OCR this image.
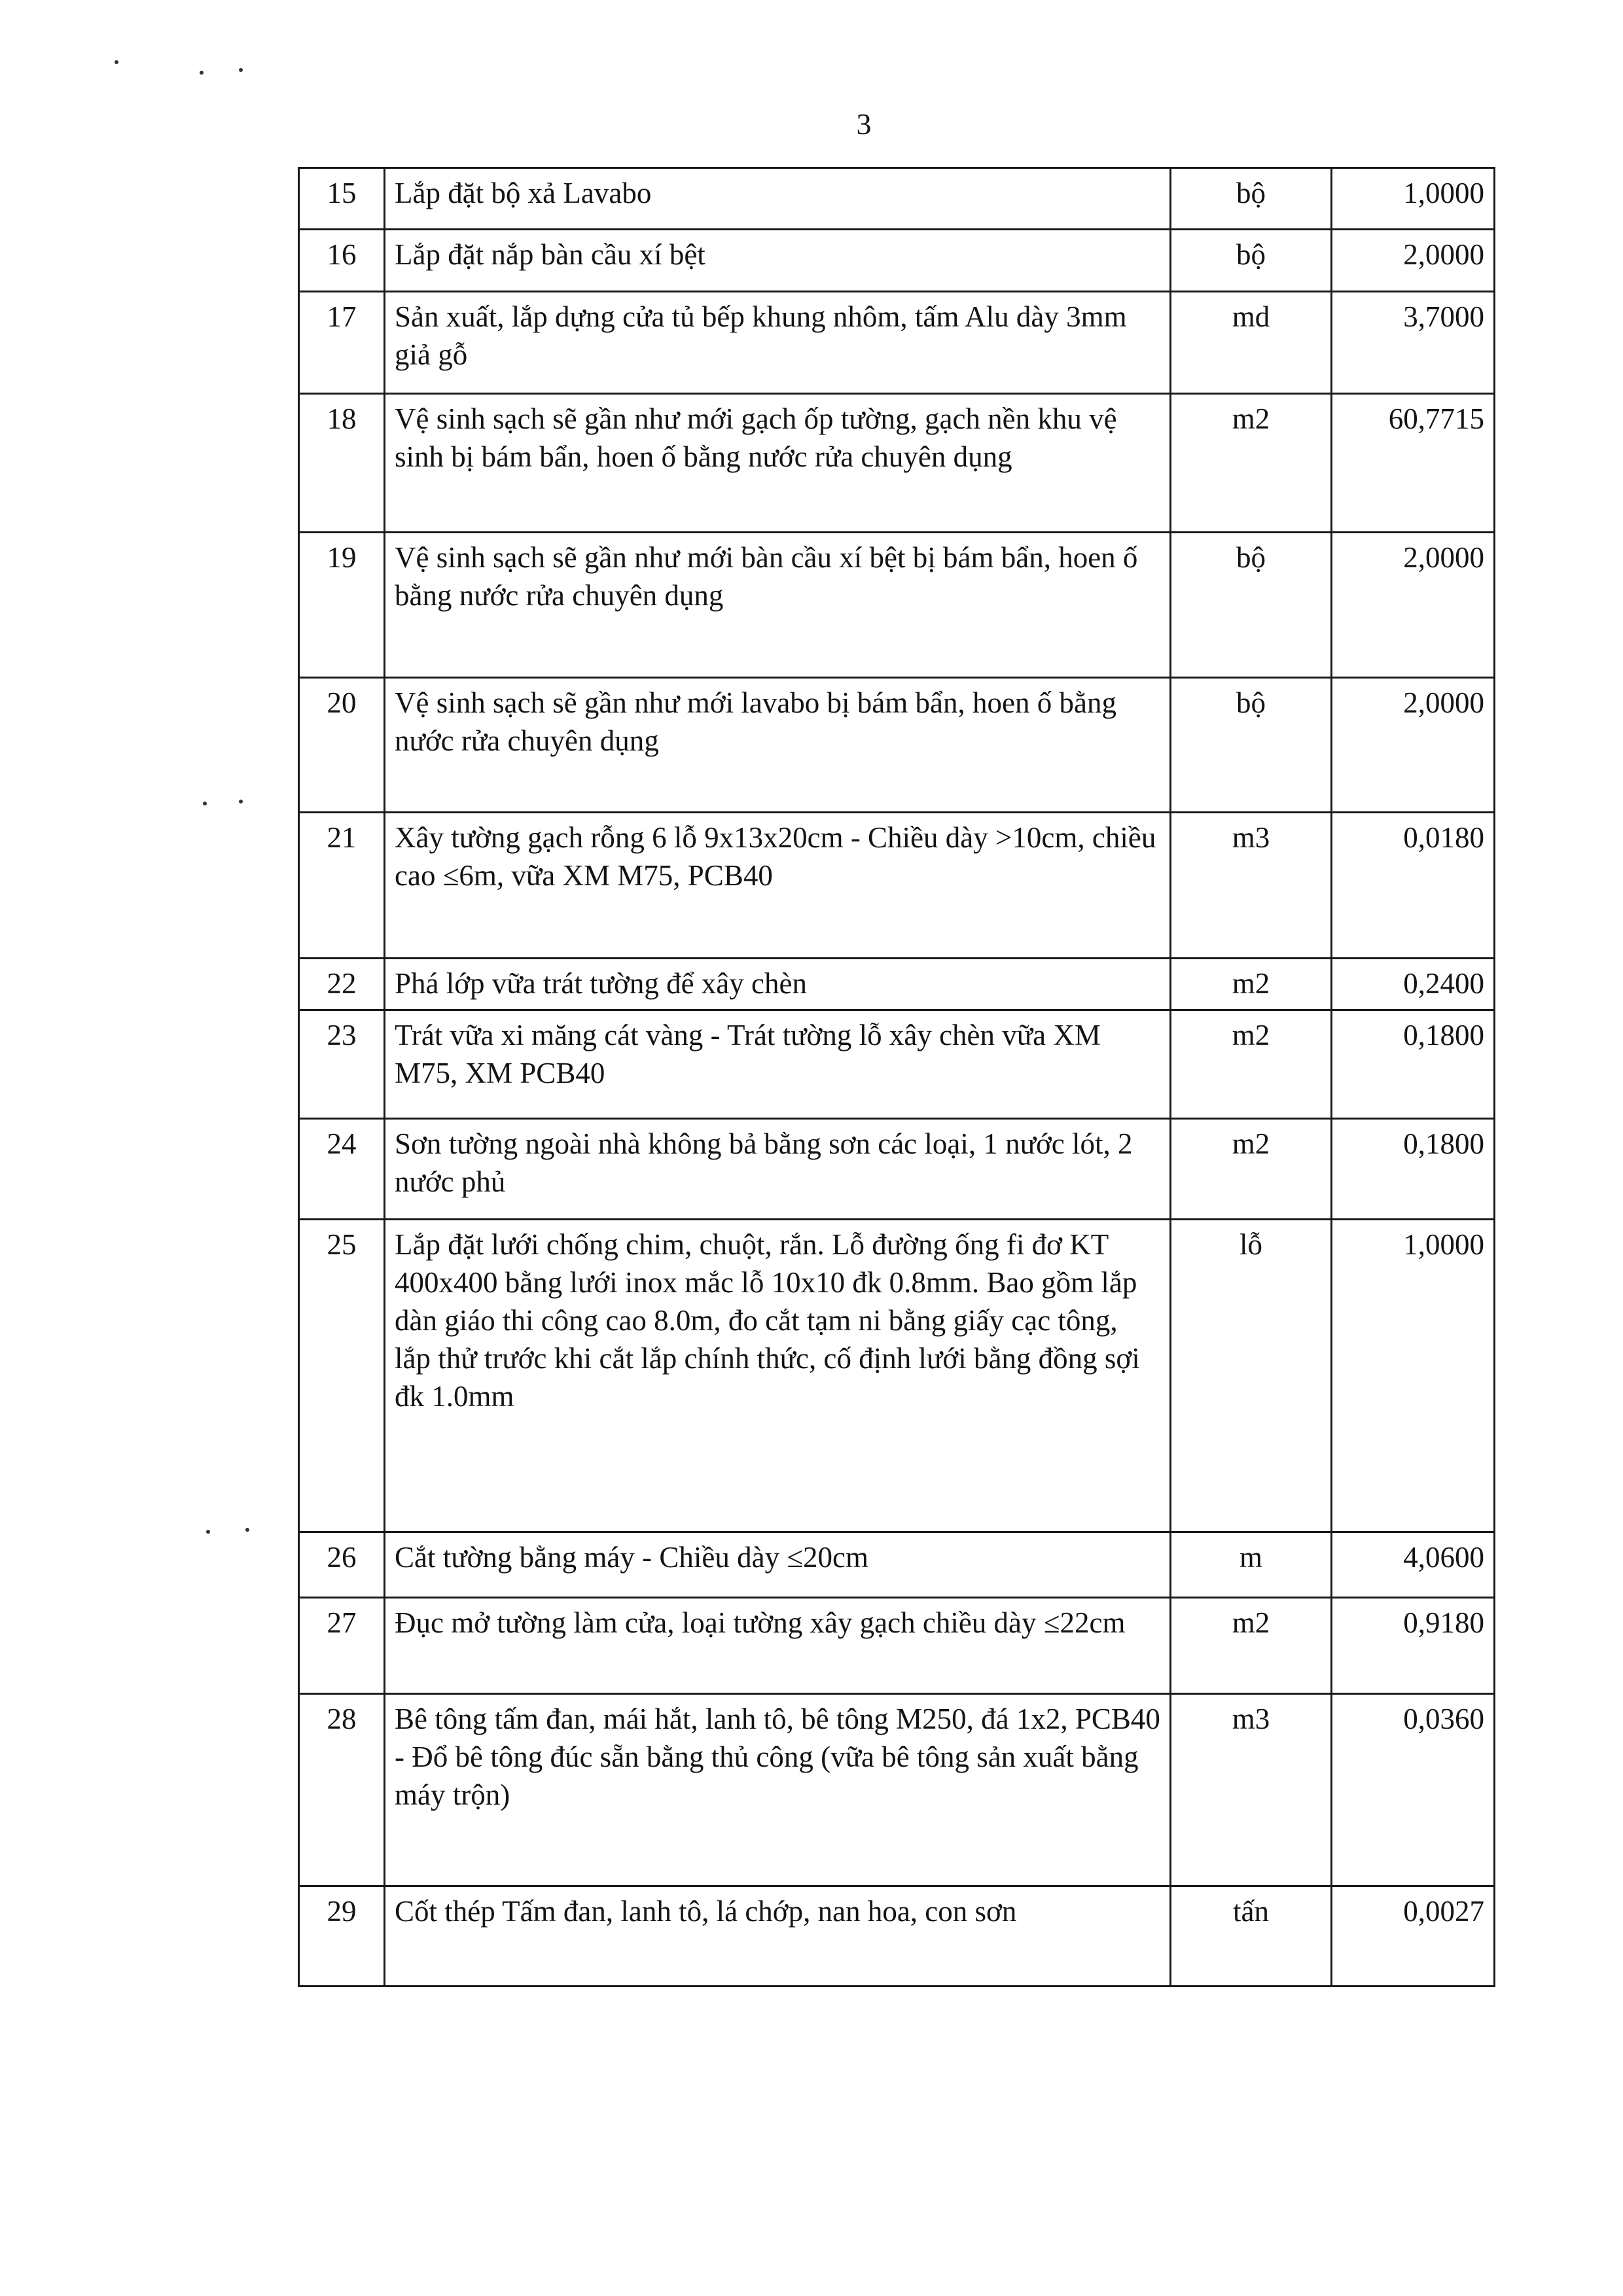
3
15	Lắp đặt bộ xả Lavabo	bộ	1,0000
16	Lắp đặt nắp bàn cầu xí bệt	bộ	2,0000
17	Sản xuất, lắp dựng cửa tủ bếp khung nhôm, tấm Alu dày 3mm giả gỗ	md	3,7000
18	Vệ sinh sạch sẽ gần như mới gạch ốp tường, gạch nền khu vệ sinh bị bám bẩn, hoen ố bằng nước rửa chuyên dụng	m2	60,7715
19	Vệ sinh sạch sẽ gần như mới bàn cầu xí bệt bị bám bẩn, hoen ố bằng nước rửa chuyên dụng	bộ	2,0000
20	Vệ sinh sạch sẽ gần như mới lavabo bị bám bẩn, hoen ố bằng nước rửa chuyên dụng	bộ	2,0000
21	Xây tường gạch rỗng 6 lỗ 9x13x20cm - Chiều dày >10cm, chiều cao ≤6m, vữa XM M75, PCB40	m3	0,0180
22	Phá lớp vữa trát tường để xây chèn	m2	0,2400
23	Trát vữa xi măng cát vàng - Trát tường lỗ xây chèn vữa XM M75, XM PCB40	m2	0,1800
24	Sơn tường ngoài nhà không bả bằng sơn các loại, 1 nước lót, 2 nước phủ	m2	0,1800
25	Lắp đặt lưới chống chim, chuột, rắn. Lỗ đường ống fi đơ KT 400x400 bằng lưới inox mắc lỗ 10x10 đk 0.8mm. Bao gồm lắp dàn giáo thi công cao 8.0m, đo cắt tạm ni bằng giấy cạc tông, lắp thử trước khi cắt lắp chính thức, cố định lưới bằng đồng sợi đk 1.0mm	lỗ	1,0000
26	Cắt tường bằng máy - Chiều dày ≤20cm	m	4,0600
27	Đục mở tường làm cửa, loại tường xây gạch chiều dày ≤22cm	m2	0,9180
28	Bê tông tấm đan, mái hắt, lanh tô, bê tông M250, đá 1x2, PCB40 - Đổ bê tông đúc sẵn bằng thủ công (vữa bê tông sản xuất bằng máy trộn)	m3	0,0360
29	Cốt thép Tấm đan, lanh tô, lá chớp, nan hoa, con sơn	tấn	0,0027
